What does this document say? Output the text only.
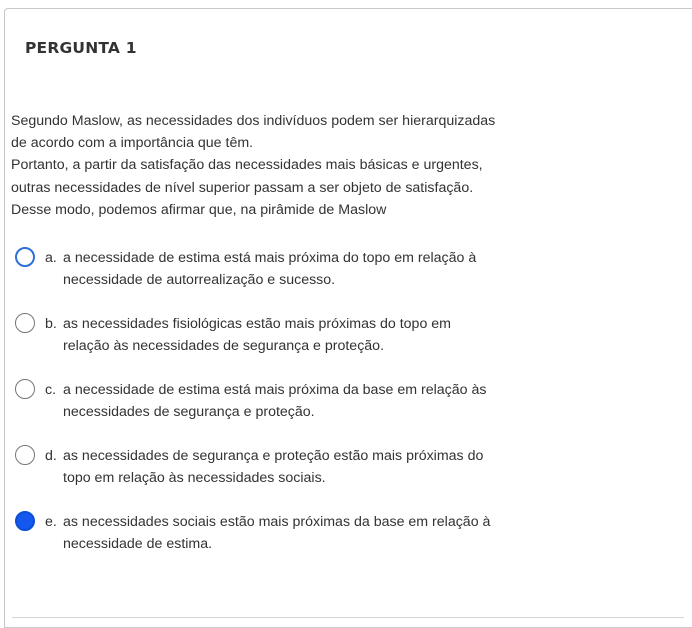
PERGUNTA 1
Segundo Maslow, as necessidades dos indivíduos podem ser hierarquizadas
de acordo com a importância que têm.
Portanto, a partir da satisfação das necessidades mais básicas e urgentes,
outras necessidades de nível superior passam a ser objeto de satisfação.
Desse modo, podemos afirmar que, na pirâmide de Maslow
a. a necessidade de estima está mais próxima do topo em relação à
necessidade de autorrealização e sucesso.
b. as necessidades fisiológicas estão mais próximas do topo em
relação às necessidades de segurança e proteção.
c. a necessidade de estima está mais próxima da base em relação às
necessidades de segurança e proteção.
d. as necessidades de segurança e proteção estão mais próximas do
topo em relação às necessidades sociais.
e. as necessidades sociais estão mais próximas da base em relação à
necessidade de estima.
